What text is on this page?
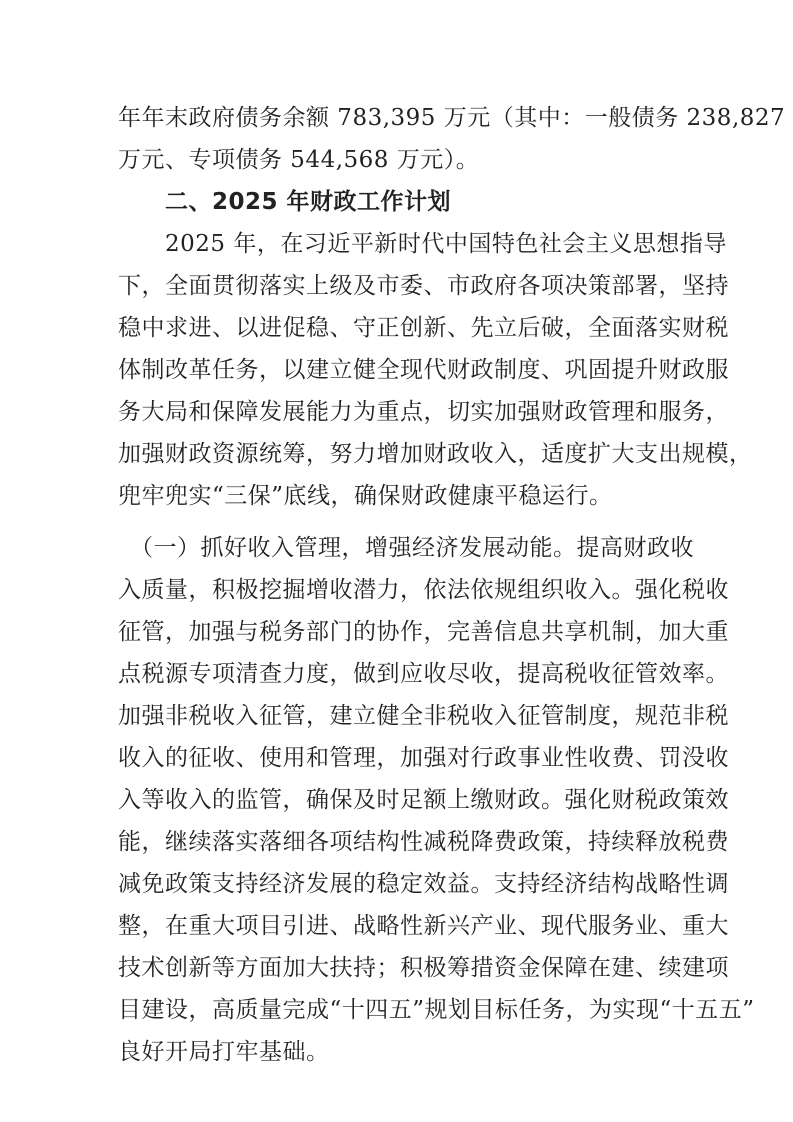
年年末政府债务余额 783,395 万元（其中：一般债务 238,827
万元、专项债务 544,568 万元）。
　　二、2025 年财政工作计划
　　2025 年，在习近平新时代中国特色社会主义思想指导
下，全面贯彻落实上级及市委、市政府各项决策部署，坚持
稳中求进、以进促稳、守正创新、先立后破，全面落实财税
体制改革任务，以建立健全现代财政制度、巩固提升财政服
务大局和保障发展能力为重点，切实加强财政管理和服务，
加强财政资源统筹，努力增加财政收入，适度扩大支出规模，
兜牢兜实“三保”底线，确保财政健康平稳运行。
　（一）抓好收入管理，增强经济发展动能。提高财政收
入质量，积极挖掘增收潜力，依法依规组织收入。强化税收
征管，加强与税务部门的协作，完善信息共享机制，加大重
点税源专项清查力度，做到应收尽收，提高税收征管效率。
加强非税收入征管，建立健全非税收入征管制度，规范非税
收入的征收、使用和管理，加强对行政事业性收费、罚没收
入等收入的监管，确保及时足额上缴财政。强化财税政策效
能，继续落实落细各项结构性减税降费政策，持续释放税费
减免政策支持经济发展的稳定效益。支持经济结构战略性调
整，在重大项目引进、战略性新兴产业、现代服务业、重大
技术创新等方面加大扶持；积极筹措资金保障在建、续建项
目建设，高质量完成“十四五”规划目标任务，为实现“十五五”
良好开局打牢基础。
